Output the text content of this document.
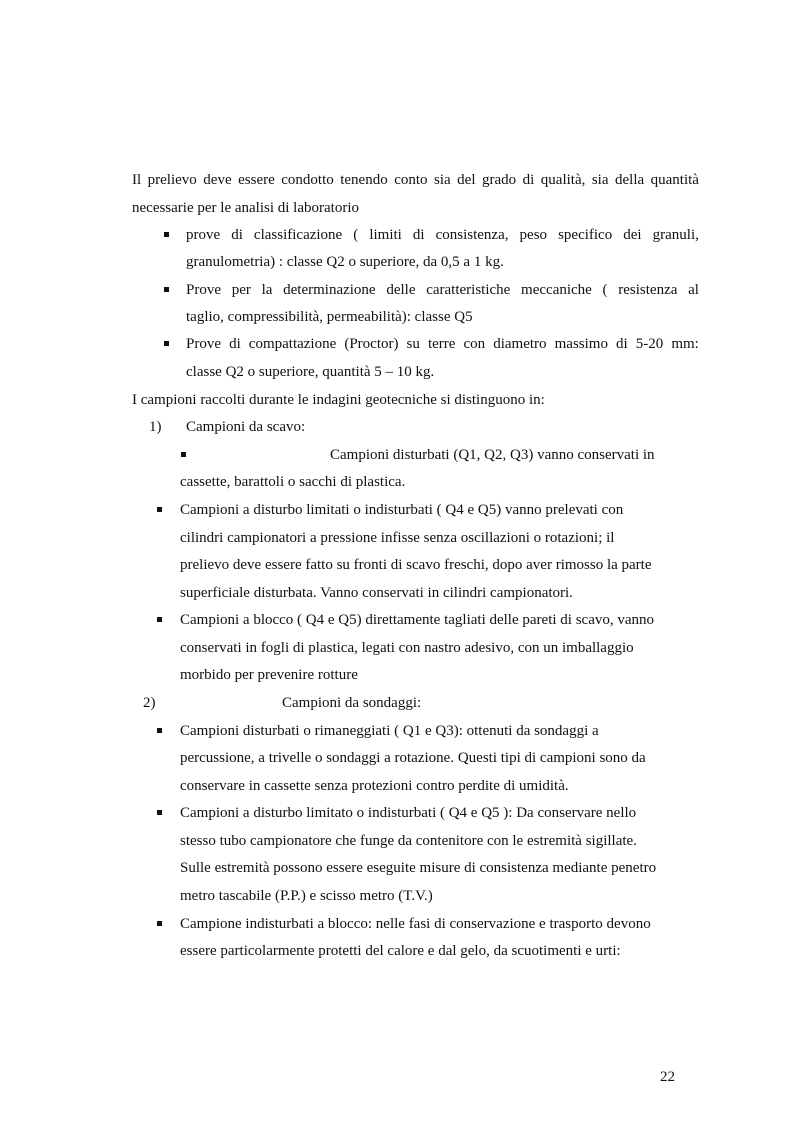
Il prelievo deve essere condotto tenendo conto sia del grado di qualità, sia della quantità
necessarie per le analisi di laboratorio
prove di classificazione ( limiti di consistenza, peso specifico dei granuli,
granulometria) : classe Q2 o superiore, da 0,5 a 1 kg.
Prove per la determinazione delle caratteristiche meccaniche ( resistenza al
taglio, compressibilità, permeabilità): classe Q5
Prove di compattazione (Proctor) su terre con diametro massimo di 5-20 mm:
classe Q2 o superiore, quantità 5 – 10 kg.
I campioni raccolti durante le indagini geotecniche si distinguono in:
1) Campioni da scavo:
Campioni disturbati (Q1, Q2, Q3) vanno conservati in
cassette, barattoli o sacchi di plastica.
Campioni a disturbo limitati o indisturbati ( Q4 e Q5) vanno prelevati con
cilindri campionatori a pressione infisse senza oscillazioni o rotazioni; il
prelievo deve essere fatto su fronti di scavo freschi, dopo aver rimosso la parte
superficiale disturbata. Vanno conservati in cilindri campionatori.
Campioni a blocco ( Q4 e Q5) direttamente tagliati delle pareti di scavo, vanno
conservati in fogli di plastica, legati con nastro adesivo, con un imballaggio
morbido per prevenire rotture
2)	Campioni da sondaggi:
Campioni disturbati o rimaneggiati ( Q1 e Q3): ottenuti da sondaggi a
percussione, a trivelle o sondaggi a rotazione. Questi tipi di campioni sono da
conservare in cassette senza protezioni contro perdite di umidità.
Campioni a disturbo limitato o indisturbati ( Q4 e Q5 ): Da conservare nello
stesso tubo campionatore che funge da contenitore con le estremità sigillate.
Sulle estremità possono essere eseguite misure di consistenza mediante penetro
metro tascabile (P.P.) e scisso metro (T.V.)
Campione indisturbati a blocco: nelle fasi di conservazione e trasporto devono
essere particolarmente protetti del calore e dal gelo, da scuotimenti e urti:
22
